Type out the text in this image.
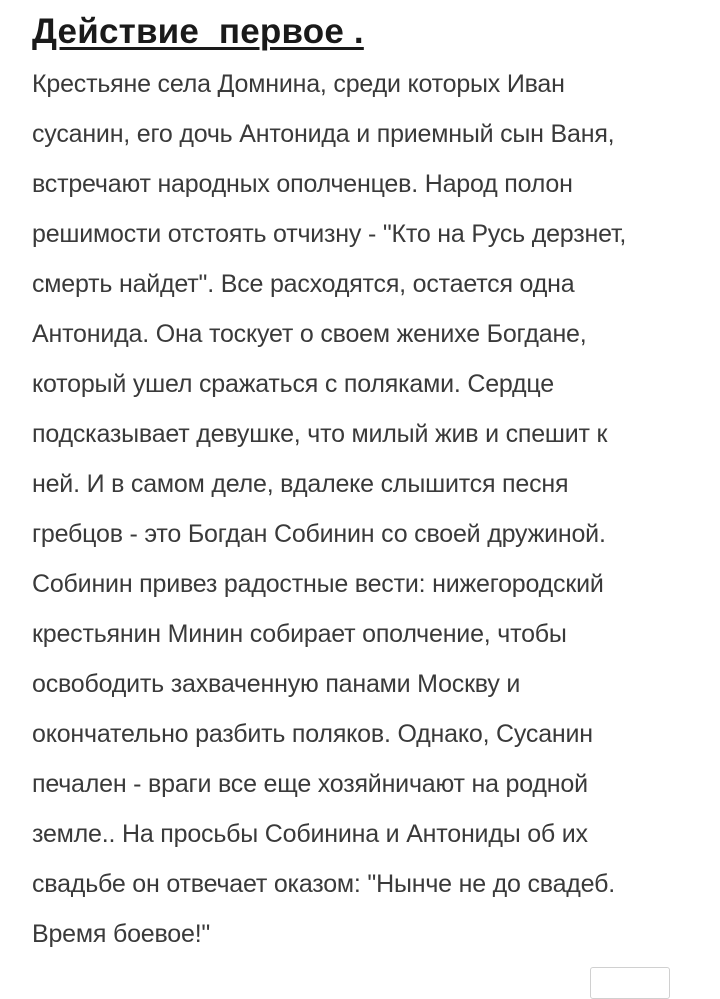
Действие  первое .
Крестьяне села Домнина, среди которых Иван
сусанин, его дочь Антонида и приемный сын Ваня,
встречают народных ополченцев. Народ полон
решимости отстоять отчизну - "Кто на Русь дерзнет,
смерть найдет". Все расходятся, остается одна
Антонида. Она тоскует о своем женихе Богдане,
который ушел сражаться с поляками. Сердце
подсказывает девушке, что милый жив и спешит к
ней. И в самом деле, вдалеке слышится песня
гребцов - это Богдан Собинин со своей дружиной.
Собинин привез радостные вести: нижегородский
крестьянин Минин собирает ополчение, чтобы
освободить захваченную панами Москву и
окончательно разбить поляков. Однако, Сусанин
печален - враги все еще хозяйничают на родной
земле.. На просьбы Собинина и Антониды об их
свадьбе он отвечает оказом: "Нынче не до свадеб.
Время боевое!"
